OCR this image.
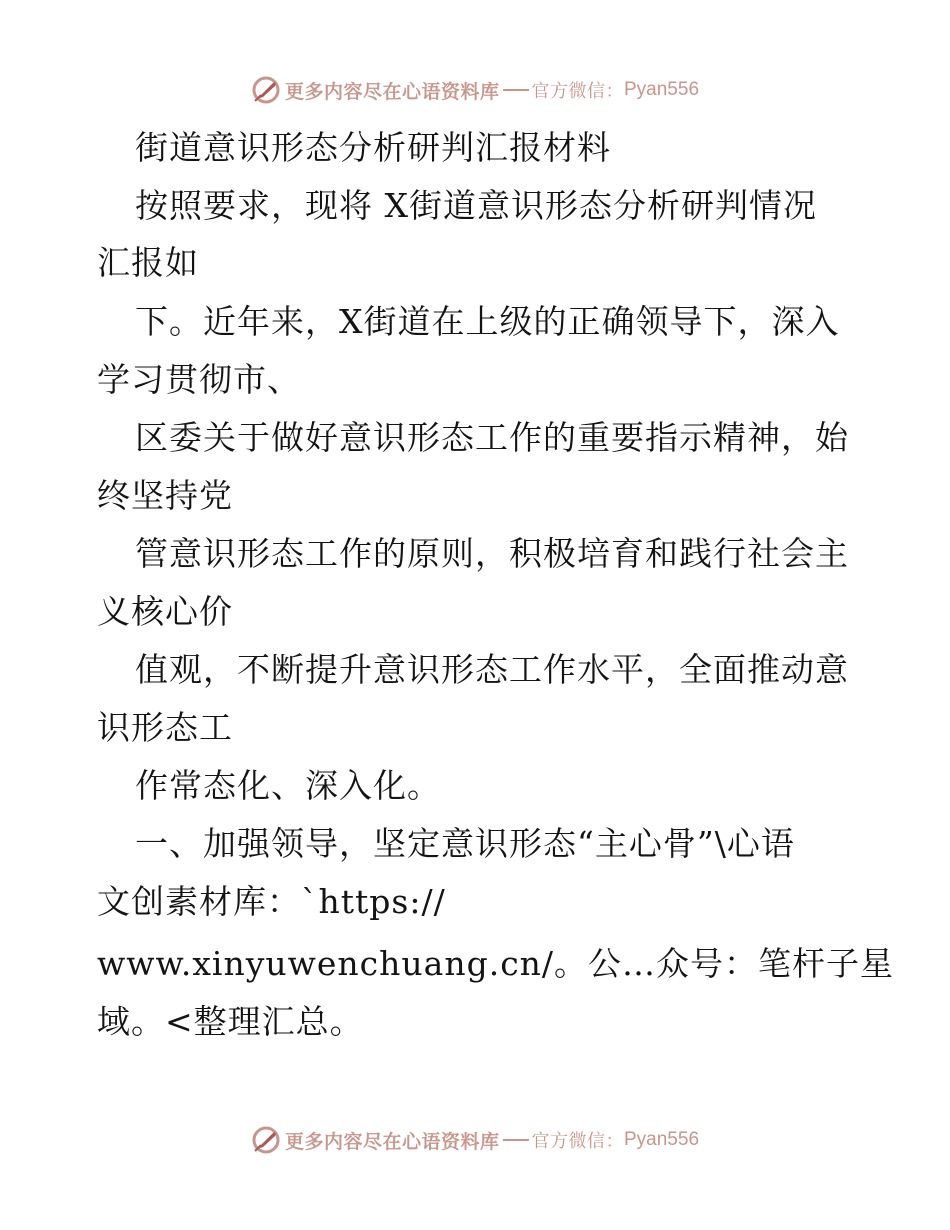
更多内容尽在心语资料库 官方微信： Pyan556
街道意识形态分析研判汇报材料
按照要求，现将 X街道意识形态分析研判情况
汇报如
下。近年来，X街道在上级的正确领导下，深入
学习贯彻市、
区委关于做好意识形态工作的重要指示精神，始
终坚持党
管意识形态工作的原则，积极培育和践行社会主
义核心价
值观，不断提升意识形态工作水平，全面推动意
识形态工
作常态化、深入化。
一、加强领导，坚定意识形态“主心骨”\心语
文创素材库：`https://
www.xinyuwenchuang.cn/。公…众号：笔杆子星
域。<整理汇总。
更多内容尽在心语资料库 官方微信： Pyan556
